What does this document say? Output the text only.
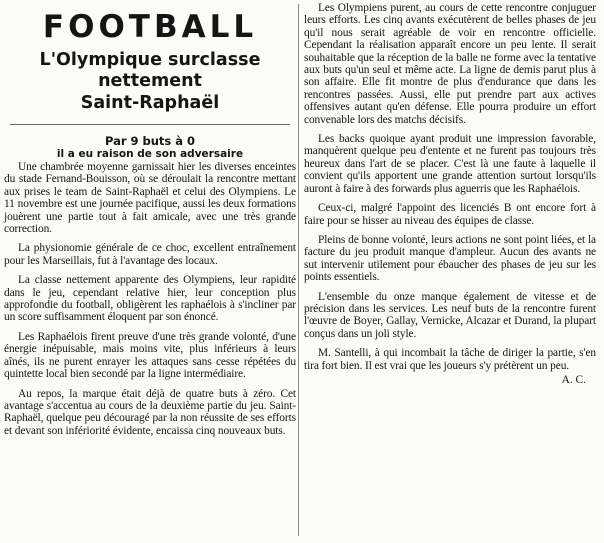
FOOTBALL
L'Olympique surclasse nettement
Saint-Raphaël
Par 9 buts à 0
il a eu raison de son adversaire

Une chambrée moyenne garnissait hier les diverses enceintes du stade Fernand-Bouisson, où se déroulait la rencontre mettant aux prises le team de Saint-Raphaël et celui des Olympiens. Le 11 novembre est une journée pacifique, aussi les deux formations jouèrent une partie tout à fait amicale, avec une très grande correction.

La physionomie générale de ce choc, excellent entraînement pour les Marseillais, fut à l'avantage des locaux.

La classe nettement apparente des Olympiens, leur rapidité dans le jeu, cependant relative hier, leur conception plus approfondie du football, obligèrent les raphaélois à s'incliner par un score suffisamment éloquent par son énoncé.

Les Raphaélois firent preuve d'une très grande volonté, d'une énergie inépuisable, mais moins vite, plus inférieurs à leurs aînés, ils ne purent enrayer les attaques sans cesse répétées du quintette local bien secondé par la ligne intermédiaire.

Au repos, la marque était déjà de quatre buts à zéro. Cet avantage s'accentua au cours de la deuxième partie du jeu. Saint-Raphaël, quelque peu découragé par la non réussite de ses efforts et devant son infériorité évidente, encaissa cinq nouveaux buts.

Les Olympiens purent, au cours de cette rencontre conjuguer leurs efforts. Les cinq avants exécutèrent de belles phases de jeu qu'il nous serait agréable de voir en rencontre officielle. Cependant la réalisation apparaît encore un peu lente. Il serait souhaitable que la réception de la balle ne forme avec la tentative aux buts qu'un seul et même acte. La ligne de demis parut plus à son affaire. Elle fit montre de plus d'endurance que dans les rencontres passées. Aussi, elle put prendre part aux actives offensives autant qu'en défense. Elle pourra produire un effort convenable lors des matchs décisifs.

Les backs quoique ayant produit une impression favorable, manquèrent quelque peu d'entente et ne furent pas toujours très heureux dans l'art de se placer. C'est là une faute à laquelle il convient qu'ils apportent une grande attention surtout lorsqu'ils auront à faire à des forwards plus aguerris que les Raphaélois.

Ceux-ci, malgré l'appoint des licenciés B ont encore fort à faire pour se hisser au niveau des équipes de classe.

Pleins de bonne volonté, leurs actions ne sont point liées, et la facture du jeu produit manque d'ampleur. Aucun des avants ne sut intervenir utilement pour ébaucher des phases de jeu sur les points essentiels.

L'ensemble du onze manque également de vitesse et de précision dans les services. Les neuf buts de la rencontre furent l'œuvre de Boyer, Gallay, Vernicke, Alcazar et Durand, la plupart conçus dans un joli style.

M. Santelli, à qui incombait la tâche de diriger la partie, s'en tira fort bien. Il est vrai que les joueurs s'y prétèrent un peu.

A. C.
